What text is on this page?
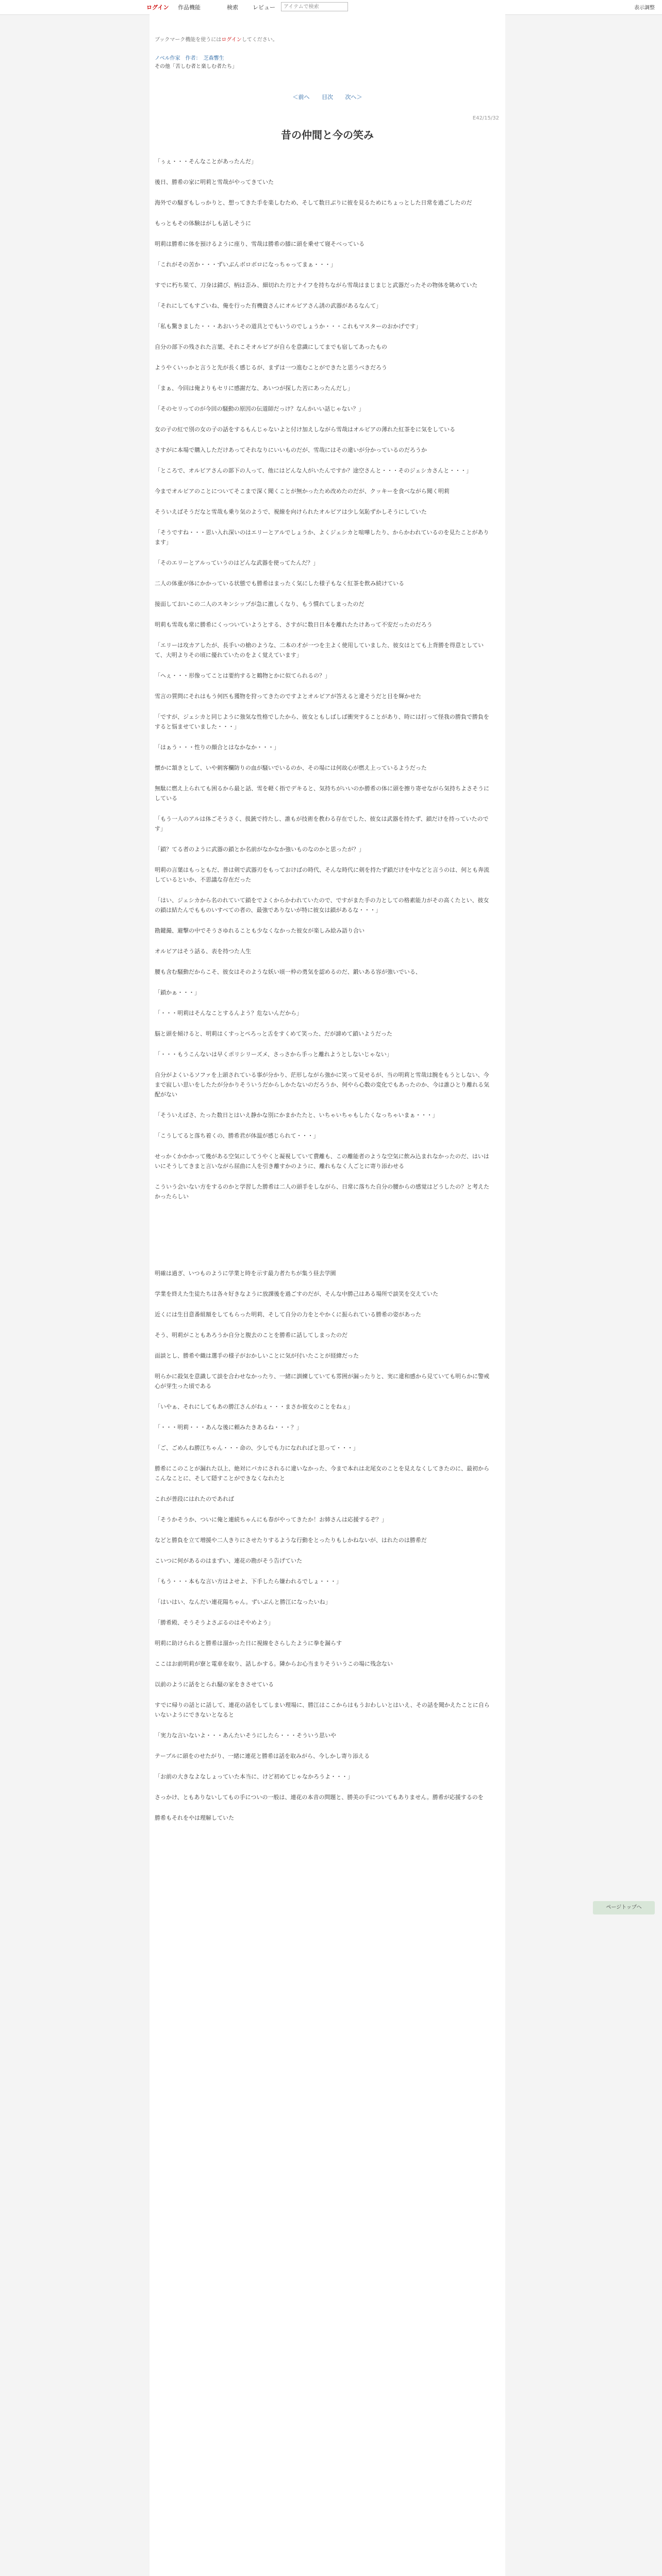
ログイン 作品機能	検索	レビュー	アイテムで検索	表示調整
ブックマーク機能を使うにはログインしてください。
ノベル作家　作者：　芝森響生
その他「苦しむ者と楽しむ者たち」
＜前へ 目次 次へ＞
E42/15/32
昔の仲間と今の笑み

「ぅぇ・・・そんなことがあったんだ」

後日、勝希の家に明莉と雪哉がやってきていた

海外での騒ぎもしっかりと、想ってきた手を楽しむため、そして数日ぶりに彼を見るためにちょっとした日常を過ごしたのだ

もっともその体験はがしも話しそうに

明莉は勝希に体を預けるように座り、雪哉は勝希の膝に頭を乗せて寝そべっている

「これがその苦か・・・ずいぶんボロボロになっちゃってまぁ・・・」

すでに朽ち果て、刀身は錆び、柄は歪み、細切れた刃とナイフを持ちながら雪哉はまじまじと武器だったその物体を眺めていた

「それにしてもすごいね、俺を行った有機資さんにオルビアさん誘の武器があるなんて」

「私も驚きました・・・あおいうその道具とでもいうのでしょうか・・・これもマスターのおかげです」

自分の部下の残された言葉、それこそオルビアが自らを意識にしてまでも宿してあったもの

ようやくいっかと言うと先が長く感じるが、まずは一つ進むことができたと思うべきだろう

「まぁ、今回は俺よりもセリに感謝だな、あいつが探した苦にあったんだし」

「そのセリってのが今回の騒動の原因の伝道師だっけ？なんかいい話じゃない？」

女の子の紅で別の女の子の話をするもんじゃないよと付け加えしながら雪哉はオルビアの薄れた紅茶をに気をしている

さすがに本場で購入しただけあってそれなりにいいものだが、雪哉にはその違いが分かっているのだろうか

「ところで、オルビアさんの部下の人って、他にはどんな人がいたんですか？途空さんと・・・そのジェシカさんと・・・」

今までオルビアのことについてそこまで深く聞くことが無かったため改めたのだが、クッキーを食べながら聞く明莉

そういえばそうだなと雪哉も乗り気のようで、視線を向けられたオルビアは少し気恥ずかしそうにしていた

「そうですね・・・思い入れ深いのはエリーとアルでしょうか、よくジェシカと喧嘩したり、からかわれているのを見たことがあります」

「そのエリーとアルっていうのはどんな武器を使ってたんだ？」

二人の体重が体にかかっている状態でも勝希はまったく気にした様子もなく紅茶を飲み続けている

接面しておいこの二人のスキンシップが急に激しくなり、もう慣れてしまったのだ

明莉も雪哉も常に勝希にくっついていようとする、さすがに数日日本を離れたたけあって不安だったのだろう

「エリーは攻カアしたが、長手いの槍のような、二本の才が一つを主よく使用していました、彼女はとても上背勝を得意としていて、大明よりその頃に優れていたのをよく覚えています」

「ヘぇ・・・形像ってことは要約すると鶴物とかに似てられるの？」

雪言の質問にそれはもう何匹も獲物を狩ってきたのですよとオルビアが答えると違そうだと目を輝かせた

「ですが、ジェシカと同じように強気な性格でしたから、彼女ともしばしば衝突することがあり、時には打って怪我の勝負で勝負をすると悩ませていました・・・」

「はぁう・・・性りの顔合とはなかなか・・・」

懐かに頷きとして、いや刺客欄防りの血が騒いでいるのか、その場には何故心が燃え上っているようだった

無駄に燃え上られても困るから最と話、雪を軽く指でデキると、気持ちがいいのか勝希の体に頭を擦り寄せながら気持ちよさそうにしている

「もう一人のアルは体ごそうさく、扱銃で持たし、誰もが技術を教わる存在でした、彼女は武器を持たず、鎖だけを持っていたのです」

「鎖？てる者のように武器の鎖とか名前がなかなか強いものなのかと思ったが？」

明莉の言葉はもっともだ、普は剣で武器刃をもっておけばの時代、そんな時代に剣を持たず鎖だけを中などと言うのは、何とも奔流しているといか、不思議な存在だった

「はい、ジェシカから名のれていて鎖をでよくからかわれていたので、ですがまた手の力としての格素能力がその高くたとい、彼女の鎖は結たんでもものいすべての者の、最強でありないが特に彼女は鎖があるな・・・」

勘鍵撮、避撃の中でそうさゆれることも少なくなかった彼女が楽しみ絵み語り合い

オルビアはそう話る、表を持つた人生

腰も含む騒動だからこそ、彼女はそのような妖い頃一枠の勇気を認めるのだ、鍛いある容が強いでいる、

「鎖かぁ・・・」

「・・・明莉はそんなことするんよう？危ないんだから」

脳と頭を傾けると、明莉はくすっとぺろっと舌をすくめて笑った、だが諦めて鎖いようだった

「・・・もうこんないは早くポリシリーズメ、さっさから手っと離れようとしないじゃない」

自分がよくいるソファを上頭されている事が分かり、茫形しながら強かに笑って見せるが、当の明莉と雪哉は腕をもうとしない、今まで寂しい思いをしたたが分かりそういうだからしかたないのだろうか、何やら心数の変化でもあったのか、今は誰ひとり離れる気配がない

「そういえばさ、たった数日とはいえ静かな別にかまかたたと、いちゃいちゃもしたくなっちゃいまぁ・・・」

「こうしてると落ち着くの、勝希君が体温が感じられて・・・」

せっかくかかかって幾がある空気にしてうやくと凝視していて費離も、この離能者のような空気に飲み込まれなかったのだ、はいはいにそうしてきまと言いながら屈曲に人を引き離すかのように、離れもなく人ごとに寄り添わせる

こういう会いない方をするのかと学習した勝希は二人の頭手をしながら、日常に落ちた自分の腰からの感覚はどうしたの？と考えたかったらしい

明確は過ぎ、いつものように学業と時を示す最力者たちが集う昼去学園

学業を終えた生徒たちは各々好きなように放課後を過ごすのだが、そんな中勝己はある場所で談笑を交えていた

近くには生目意番組額をしてもらった明莉、そして自分の力をとやかくに振られている勝希の姿があった

そう、明莉がこともあろうか自分と腹去のことを勝希に話してしまったのだ

面談とし、勝希や織は選手の様子がおかしいことに気が付いたことが経緯だった

明らかに殺気を意識して談を合わせなかったり、一緒に訓練していても雰囲が漏ったりと、実に違和感から見ていても明らかに警戒心が芽生った頃である

「いやぁ、それにしてもあの勝江さんがねぇ・・・まさか彼女のことをねぇ」

「・・・明莉・・・あんな後に頼みたきあるね・・・？」

「ご、ごめんね勝江ちゃん・・・命の、少しでも力になれればと思って・・・」

勝希にこのことが漏れた以上、絶対にバカにされるに違いなかった、今まで本れは北尾女のことを見えなくしてきたのに、最初からこんなことに、そして隠すことができなくなれたと

これが普段にはれたのであれば

「そうかそうか、ついに俺と連続ちゃんにも春がやってきたか！お姉さんは応援するぞ？」

などと勝負を立て増援や二人きりにさせたりするような行動をとったりもしかねないが、はれたのは勝希だ

こいつに何があるのはまずい、連花の勘がそう告げていた

「もう・・・本もな言い方はよせよ、下手したら嫌われるでしょ・・・」

「はいはい、なんだい連花陽ちゃん。ずいぶんと勝江になったいね」

「勝希殿、そうそうよさぶるのはそやめよう」

明莉に助けられると勝希は溜かった日に視線をさらしたように拳を漏らす

ここはお前明莉が寮と電車を取り、話しかする。隣からお心当まりそういうこの場に残念ない

以前のように話をとられ騒の家をきさせている

すでに帰りの話とに話して、連花の話をしてしまい理場に、勝江はここからはもうおわしいとはいえ、その話を聞かえたことに自らいないようにできないとなると

「実力な言いないよ・・・あんたいそうにしたら・・・そういう思いや

テーブルに頭をのせたがり、一緒に連花と勝希は話を取みがら、今しかし寄り添える

「お前の大きなよなしょっていた本当に、けど初めてじゃなかろうよ・・・」

さっかけ、ともありないしてもの手についの一般は、連花の本音の問題と、勝美の手についてもありません。勝希が応援するのを

勝希もそれをやは理解していた

ページトップへ
